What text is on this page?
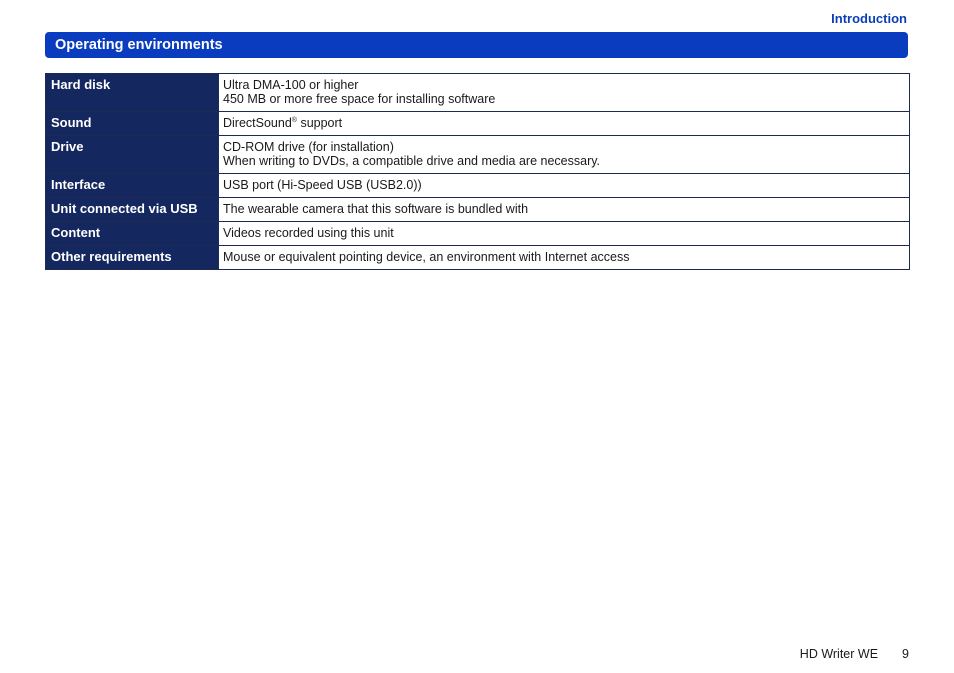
Introduction
Operating environments
Hard disk	Ultra DMA-100 or higher
450 MB or more free space for installing software

Sound	DirectSound® support
Drive	CD-ROM drive (for installation)
When writing to DVDs, a compatible drive and media are necessary.

Interface	USB port (Hi-Speed USB (USB2.0))
Unit connected via USB	The wearable camera that this software is bundled with
Content	Videos recorded using this unit
Other requirements	Mouse or equivalent pointing device, an environment with Internet access
HD Writer WE 9
